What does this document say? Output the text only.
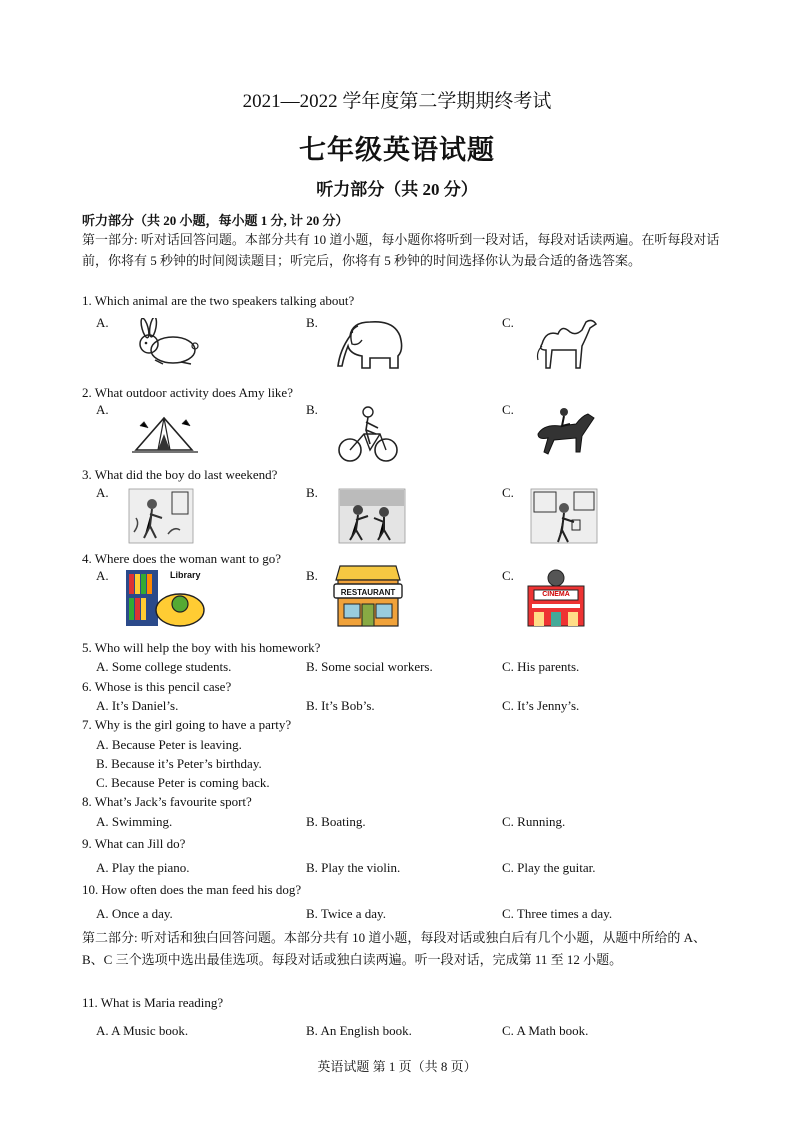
2021—2022 学年度第二学期期终考试
七年级英语试题
听力部分（共 20 分）
听力部分（共 20 小题，每小题 1 分, 计 20 分）
第一部分: 听对话回答问题。本部分共有 10 道小题，每小题你将听到一段对话，每段对话读两遍。在听每段对话前，你将有 5 秒钟的时间阅读题目；听完后，你将有 5 秒钟的时间选择你认为最合适的备选答案。
1. Which animal are the two speakers talking about?
A.	B.	C.
2. What outdoor activity does Amy like?
A.	B.	C.
3. What did the boy do last weekend?
A.	B.	C.
4. Where does the woman want to go?
A.	B.	C.
Library
RESTAURANT	CINEMA
5. Who will help the boy with his homework?
A. Some college students.	B. Some social workers.	C. His parents.
6. Whose is this pencil case?
A. It’s Daniel’s.	B. It’s Bob’s.	C. It’s Jenny’s.
7. Why is the girl going to have a party?
A. Because Peter is leaving.
B. Because it’s Peter’s birthday.
C. Because Peter is coming back.
8. What’s Jack’s favourite sport?
A. Swimming.	B. Boating.	C. Running.
9. What can Jill do?
A. Play the piano.	B. Play the violin.	C. Play the guitar.
10. How often does the man feed his dog?
A. Once a day.	B. Twice a day.	C. Three times a day.
第二部分: 听对话和独白回答问题。本部分共有 10 道小题，每段对话或独白后有几个小题，从题中所给的 A、B、C 三个选项中选出最佳选项。每段对话或独白读两遍。听一段对话，完成第 11 至 12 小题。
11. What is Maria reading?
A. A Music book.	B. An English book.	C. A Math book.
英语试题 第 1 页（共 8 页）
